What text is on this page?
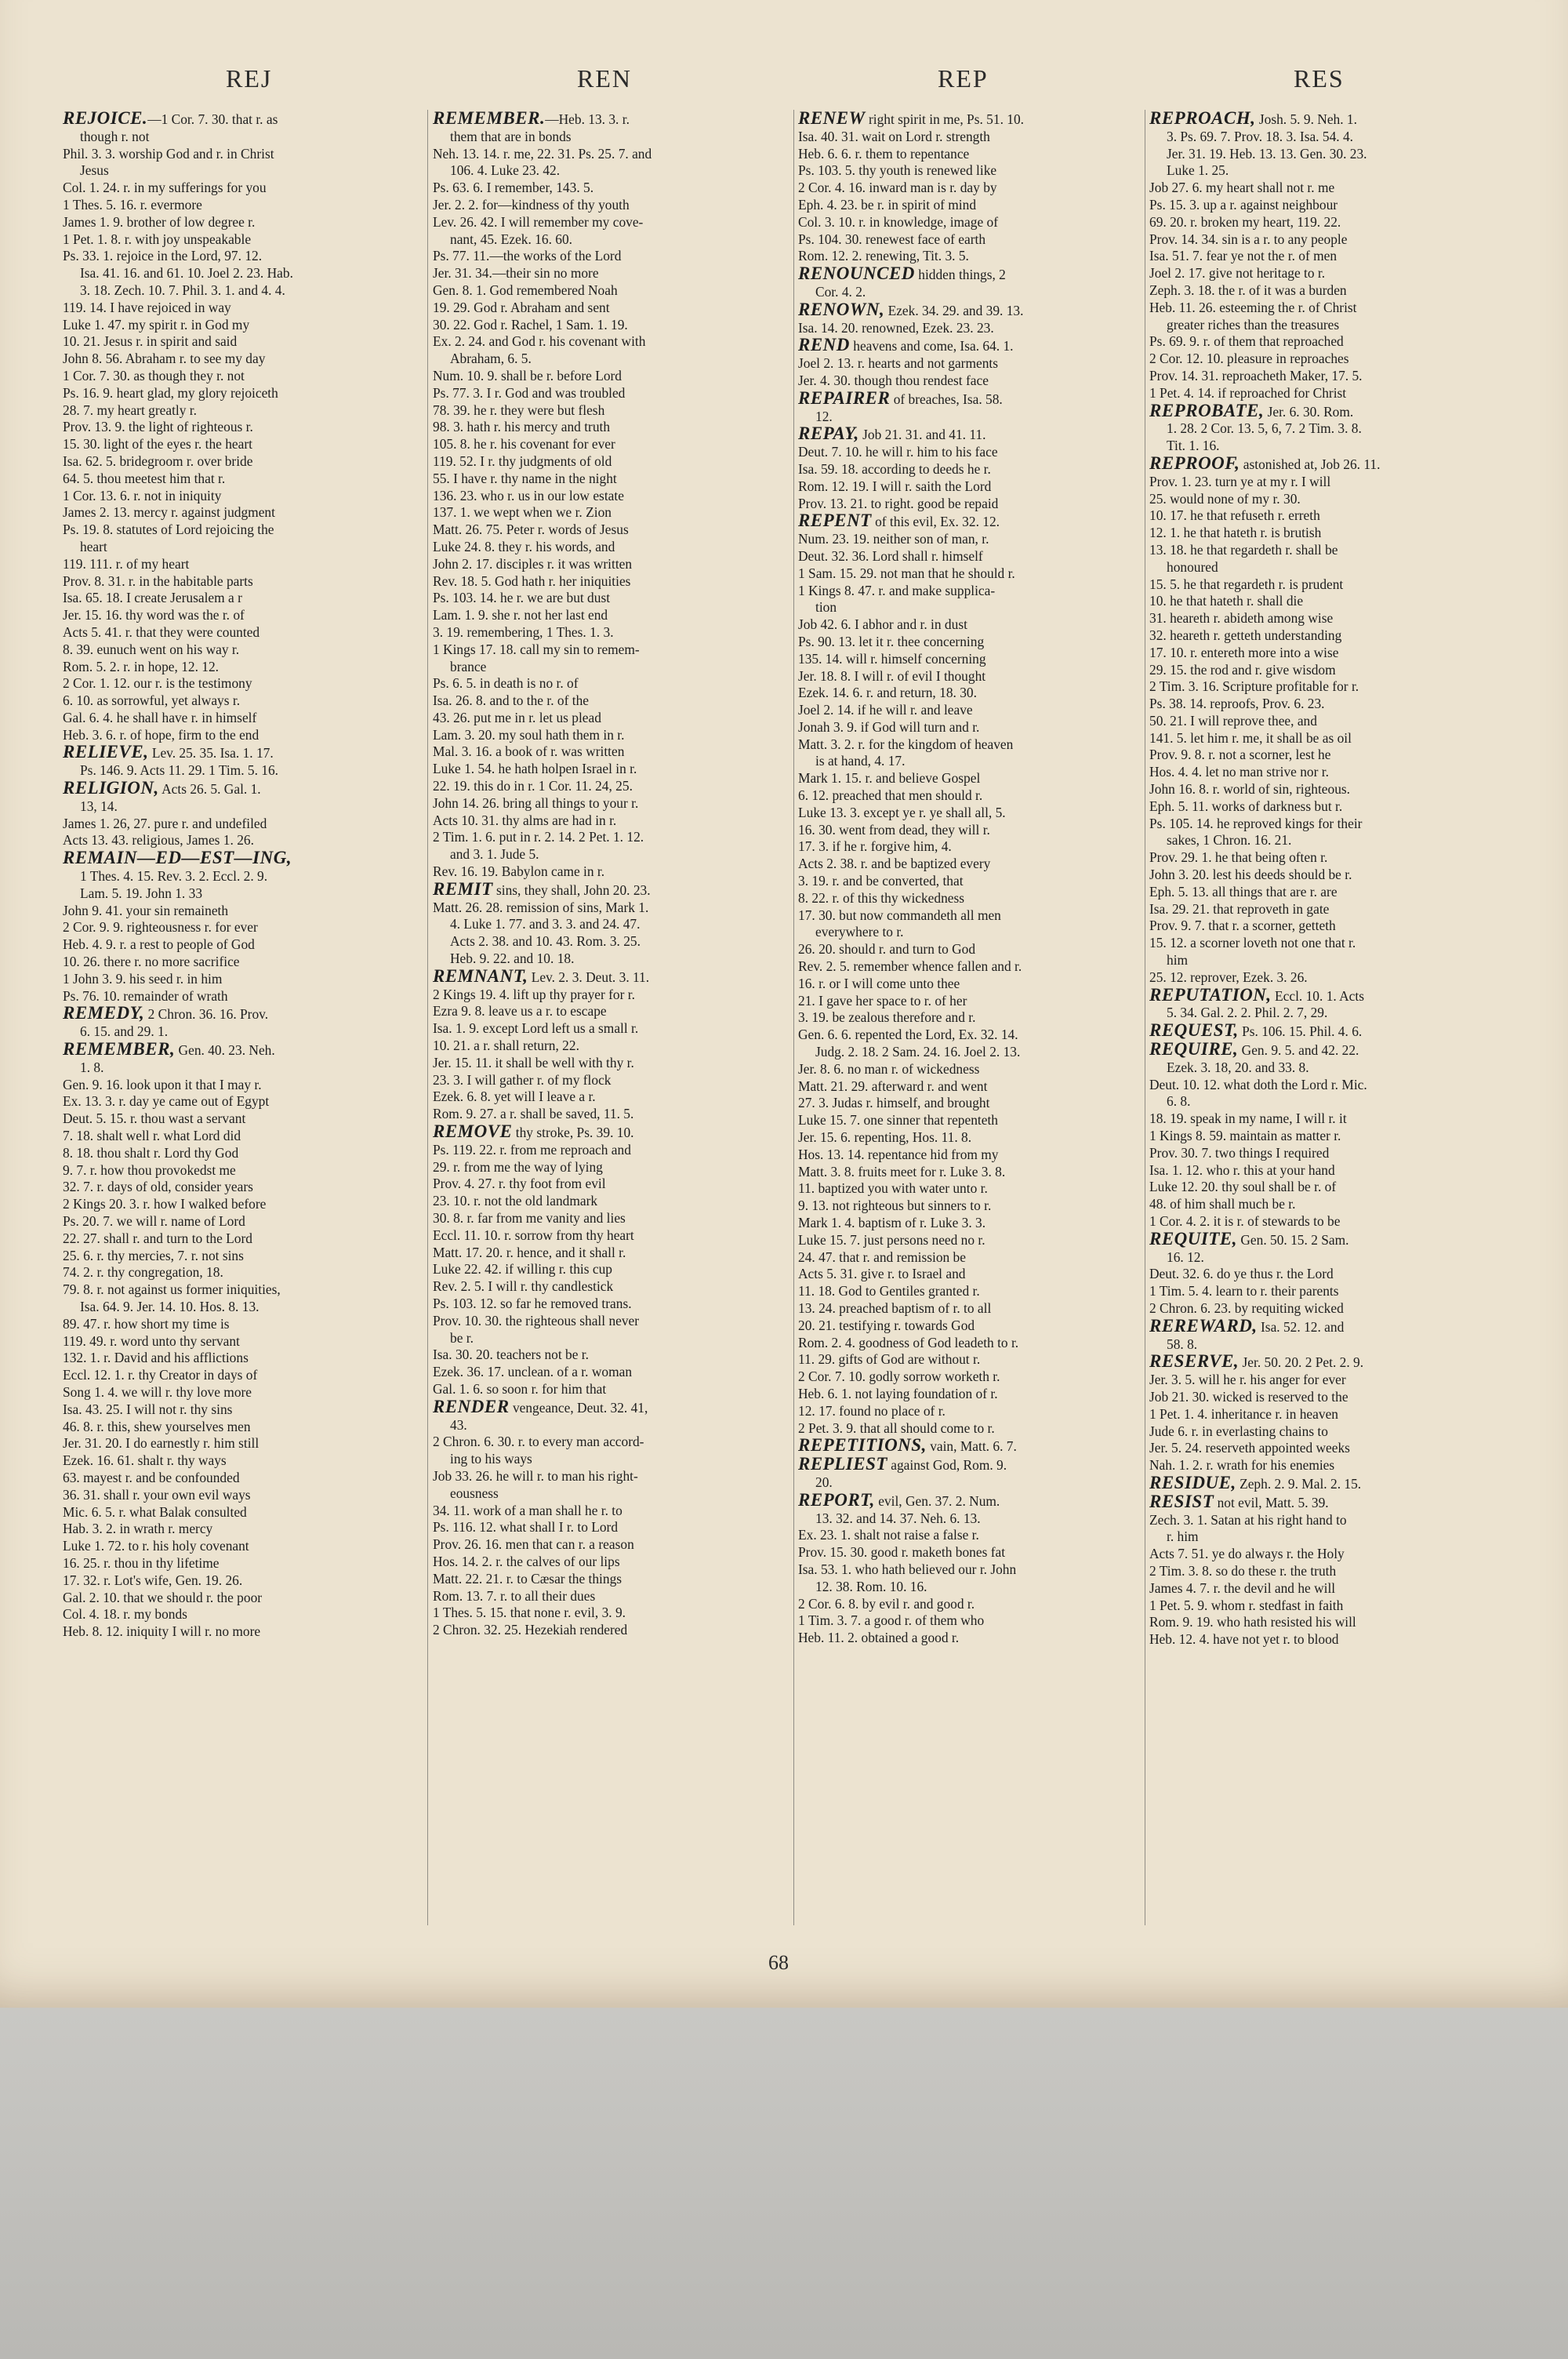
REJ	REN	REP	RES
REJOICE.—1 Cor. 7. 30. that r. as
though r. not
Phil. 3. 3. worship God and r. in Christ
Jesus
Col. 1. 24. r. in my sufferings for you
1 Thes. 5. 16. r. evermore
James 1. 9. brother of low degree r.
1 Pet. 1. 8. r. with joy unspeakable
Ps. 33. 1. rejoice in the Lord, 97. 12.
Isa. 41. 16. and 61. 10. Joel 2. 23. Hab.
3. 18. Zech. 10. 7. Phil. 3. 1. and 4. 4.
119. 14. I have rejoiced in way
Luke 1. 47. my spirit r. in God my
10. 21. Jesus r. in spirit and said
John 8. 56. Abraham r. to see my day
1 Cor. 7. 30. as though they r. not
Ps. 16. 9. heart glad, my glory rejoiceth
28. 7. my heart greatly r.
Prov. 13. 9. the light of righteous r.
15. 30. light of the eyes r. the heart
Isa. 62. 5. bridegroom r. over bride
64. 5. thou meetest him that r.
1 Cor. 13. 6. r. not in iniquity
James 2. 13. mercy r. against judgment
Ps. 19. 8. statutes of Lord rejoicing the
heart
119. 111. r. of my heart
Prov. 8. 31. r. in the habitable parts
Isa. 65. 18. I create Jerusalem a r
Jer. 15. 16. thy word was the r. of
Acts 5. 41. r. that they were counted
8. 39. eunuch went on his way r.
Rom. 5. 2. r. in hope, 12. 12.
2 Cor. 1. 12. our r. is the testimony
6. 10. as sorrowful, yet always r.
Gal. 6. 4. he shall have r. in himself
Heb. 3. 6. r. of hope, firm to the end
RELIEVE, Lev. 25. 35. Isa. 1. 17.
Ps. 146. 9. Acts 11. 29. 1 Tim. 5. 16.
RELIGION, Acts 26. 5. Gal. 1.
13, 14.
James 1. 26, 27. pure r. and undefiled
Acts 13. 43. religious, James 1. 26.
REMAIN—ED—EST—ING,
1 Thes. 4. 15. Rev. 3. 2. Eccl. 2. 9.
Lam. 5. 19. John 1. 33
John 9. 41. your sin remaineth
2 Cor. 9. 9. righteousness r. for ever
Heb. 4. 9. r. a rest to people of God
10. 26. there r. no more sacrifice
1 John 3. 9. his seed r. in him
Ps. 76. 10. remainder of wrath
REMEDY, 2 Chron. 36. 16. Prov.
6. 15. and 29. 1.
REMEMBER, Gen. 40. 23. Neh.
1. 8.
Gen. 9. 16. look upon it that I may r.
Ex. 13. 3. r. day ye came out of Egypt
Deut. 5. 15. r. thou wast a servant
7. 18. shalt well r. what Lord did
8. 18. thou shalt r. Lord thy God
9. 7. r. how thou provokedst me
32. 7. r. days of old, consider years
2 Kings 20. 3. r. how I walked before
Ps. 20. 7. we will r. name of Lord
22. 27. shall r. and turn to the Lord
25. 6. r. thy mercies, 7. r. not sins
74. 2. r. thy congregation, 18.
79. 8. r. not against us former iniquities,
Isa. 64. 9. Jer. 14. 10. Hos. 8. 13.
89. 47. r. how short my time is
119. 49. r. word unto thy servant
132. 1. r. David and his afflictions
Eccl. 12. 1. r. thy Creator in days of
Song 1. 4. we will r. thy love more
Isa. 43. 25. I will not r. thy sins
46. 8. r. this, shew yourselves men
Jer. 31. 20. I do earnestly r. him still
Ezek. 16. 61. shalt r. thy ways
63. mayest r. and be confounded
36. 31. shall r. your own evil ways
Mic. 6. 5. r. what Balak consulted
Hab. 3. 2. in wrath r. mercy
Luke 1. 72. to r. his holy covenant
16. 25. r. thou in thy lifetime
17. 32. r. Lot's wife, Gen. 19. 26.
Gal. 2. 10. that we should r. the poor
Col. 4. 18. r. my bonds
Heb. 8. 12. iniquity I will r. no more
REMEMBER.—Heb. 13. 3. r.
them that are in bonds
Neh. 13. 14. r. me, 22. 31. Ps. 25. 7. and
106. 4. Luke 23. 42.
Ps. 63. 6. I remember, 143. 5.
Jer. 2. 2. for—kindness of thy youth
Lev. 26. 42. I will remember my cove-
nant, 45. Ezek. 16. 60.
Ps. 77. 11.—the works of the Lord
Jer. 31. 34.—their sin no more
Gen. 8. 1. God remembered Noah
19. 29. God r. Abraham and sent
30. 22. God r. Rachel, 1 Sam. 1. 19.
Ex. 2. 24. and God r. his covenant with
Abraham, 6. 5.
Num. 10. 9. shall be r. before Lord
Ps. 77. 3. I r. God and was troubled
78. 39. he r. they were but flesh
98. 3. hath r. his mercy and truth
105. 8. he r. his covenant for ever
119. 52. I r. thy judgments of old
55. I have r. thy name in the night
136. 23. who r. us in our low estate
137. 1. we wept when we r. Zion
Matt. 26. 75. Peter r. words of Jesus
Luke 24. 8. they r. his words, and
John 2. 17. disciples r. it was written
Rev. 18. 5. God hath r. her iniquities
Ps. 103. 14. he r. we are but dust
Lam. 1. 9. she r. not her last end
3. 19. remembering, 1 Thes. 1. 3.
1 Kings 17. 18. call my sin to remem-
brance
Ps. 6. 5. in death is no r. of
Isa. 26. 8. and to the r. of the
43. 26. put me in r. let us plead
Lam. 3. 20. my soul hath them in r.
Mal. 3. 16. a book of r. was written
Luke 1. 54. he hath holpen Israel in r.
22. 19. this do in r. 1 Cor. 11. 24, 25.
John 14. 26. bring all things to your r.
Acts 10. 31. thy alms are had in r.
2 Tim. 1. 6. put in r. 2. 14. 2 Pet. 1. 12.
and 3. 1. Jude 5.
Rev. 16. 19. Babylon came in r.
REMIT sins, they shall, John 20. 23.
Matt. 26. 28. remission of sins, Mark 1.
4. Luke 1. 77. and 3. 3. and 24. 47.
Acts 2. 38. and 10. 43. Rom. 3. 25.
Heb. 9. 22. and 10. 18.
REMNANT, Lev. 2. 3. Deut. 3. 11.
2 Kings 19. 4. lift up thy prayer for r.
Ezra 9. 8. leave us a r. to escape
Isa. 1. 9. except Lord left us a small r.
10. 21. a r. shall return, 22.
Jer. 15. 11. it shall be well with thy r.
23. 3. I will gather r. of my flock
Ezek. 6. 8. yet will I leave a r.
Rom. 9. 27. a r. shall be saved, 11. 5.
REMOVE thy stroke, Ps. 39. 10.
Ps. 119. 22. r. from me reproach and
29. r. from me the way of lying
Prov. 4. 27. r. thy foot from evil
23. 10. r. not the old landmark
30. 8. r. far from me vanity and lies
Eccl. 11. 10. r. sorrow from thy heart
Matt. 17. 20. r. hence, and it shall r.
Luke 22. 42. if willing r. this cup
Rev. 2. 5. I will r. thy candlestick
Ps. 103. 12. so far he removed trans.
Prov. 10. 30. the righteous shall never
be r.
Isa. 30. 20. teachers not be r.
Ezek. 36. 17. unclean. of a r. woman
Gal. 1. 6. so soon r. for him that
RENDER vengeance, Deut. 32. 41,
43.
2 Chron. 6. 30. r. to every man accord-
ing to his ways
Job 33. 26. he will r. to man his right-
eousness
34. 11. work of a man shall he r. to
Ps. 116. 12. what shall I r. to Lord
Prov. 26. 16. men that can r. a reason
Hos. 14. 2. r. the calves of our lips
Matt. 22. 21. r. to Cæsar the things
Rom. 13. 7. r. to all their dues
1 Thes. 5. 15. that none r. evil, 3. 9.
2 Chron. 32. 25. Hezekiah rendered
RENEW right spirit in me, Ps. 51. 10.
Isa. 40. 31. wait on Lord r. strength
Heb. 6. 6. r. them to repentance
Ps. 103. 5. thy youth is renewed like
2 Cor. 4. 16. inward man is r. day by
Eph. 4. 23. be r. in spirit of mind
Col. 3. 10. r. in knowledge, image of
Ps. 104. 30. renewest face of earth
Rom. 12. 2. renewing, Tit. 3. 5.
RENOUNCED hidden things, 2
Cor. 4. 2.
RENOWN, Ezek. 34. 29. and 39. 13.
Isa. 14. 20. renowned, Ezek. 23. 23.
REND heavens and come, Isa. 64. 1.
Joel 2. 13. r. hearts and not garments
Jer. 4. 30. though thou rendest face
REPAIRER of breaches, Isa. 58.
12.
REPAY, Job 21. 31. and 41. 11.
Deut. 7. 10. he will r. him to his face
Isa. 59. 18. according to deeds he r.
Rom. 12. 19. I will r. saith the Lord
Prov. 13. 21. to right. good be repaid
REPENT of this evil, Ex. 32. 12.
Num. 23. 19. neither son of man, r.
Deut. 32. 36. Lord shall r. himself
1 Sam. 15. 29. not man that he should r.
1 Kings 8. 47. r. and make supplica-
tion
Job 42. 6. I abhor and r. in dust
Ps. 90. 13. let it r. thee concerning
135. 14. will r. himself concerning
Jer. 18. 8. I will r. of evil I thought
Ezek. 14. 6. r. and return, 18. 30.
Joel 2. 14. if he will r. and leave
Jonah 3. 9. if God will turn and r.
Matt. 3. 2. r. for the kingdom of heaven
is at hand, 4. 17.
Mark 1. 15. r. and believe Gospel
6. 12. preached that men should r.
Luke 13. 3. except ye r. ye shall all, 5.
16. 30. went from dead, they will r.
17. 3. if he r. forgive him, 4.
Acts 2. 38. r. and be baptized every
3. 19. r. and be converted, that
8. 22. r. of this thy wickedness
17. 30. but now commandeth all men
everywhere to r.
26. 20. should r. and turn to God
Rev. 2. 5. remember whence fallen and r.
16. r. or I will come unto thee
21. I gave her space to r. of her
3. 19. be zealous therefore and r.
Gen. 6. 6. repented the Lord, Ex. 32. 14.
Judg. 2. 18. 2 Sam. 24. 16. Joel 2. 13.
Jer. 8. 6. no man r. of wickedness
Matt. 21. 29. afterward r. and went
27. 3. Judas r. himself, and brought
Luke 15. 7. one sinner that repenteth
Jer. 15. 6. repenting, Hos. 11. 8.
Hos. 13. 14. repentance hid from my
Matt. 3. 8. fruits meet for r. Luke 3. 8.
11. baptized you with water unto r.
9. 13. not righteous but sinners to r.
Mark 1. 4. baptism of r. Luke 3. 3.
Luke 15. 7. just persons need no r.
24. 47. that r. and remission be
Acts 5. 31. give r. to Israel and
11. 18. God to Gentiles granted r.
13. 24. preached baptism of r. to all
20. 21. testifying r. towards God
Rom. 2. 4. goodness of God leadeth to r.
11. 29. gifts of God are without r.
2 Cor. 7. 10. godly sorrow worketh r.
Heb. 6. 1. not laying foundation of r.
12. 17. found no place of r.
2 Pet. 3. 9. that all should come to r.
REPETITIONS, vain, Matt. 6. 7.
REPLIEST against God, Rom. 9.
20.
REPORT, evil, Gen. 37. 2. Num.
13. 32. and 14. 37. Neh. 6. 13.
Ex. 23. 1. shalt not raise a false r.
Prov. 15. 30. good r. maketh bones fat
Isa. 53. 1. who hath believed our r. John
12. 38. Rom. 10. 16.
2 Cor. 6. 8. by evil r. and good r.
1 Tim. 3. 7. a good r. of them who
Heb. 11. 2. obtained a good r.
REPROACH, Josh. 5. 9. Neh. 1.
3. Ps. 69. 7. Prov. 18. 3. Isa. 54. 4.
Jer. 31. 19. Heb. 13. 13. Gen. 30. 23.
Luke 1. 25.
Job 27. 6. my heart shall not r. me
Ps. 15. 3. up a r. against neighbour
69. 20. r. broken my heart, 119. 22.
Prov. 14. 34. sin is a r. to any people
Isa. 51. 7. fear ye not the r. of men
Joel 2. 17. give not heritage to r.
Zeph. 3. 18. the r. of it was a burden
Heb. 11. 26. esteeming the r. of Christ
greater riches than the treasures
Ps. 69. 9. r. of them that reproached
2 Cor. 12. 10. pleasure in reproaches
Prov. 14. 31. reproacheth Maker, 17. 5.
1 Pet. 4. 14. if reproached for Christ
REPROBATE, Jer. 6. 30. Rom.
1. 28. 2 Cor. 13. 5, 6, 7. 2 Tim. 3. 8.
Tit. 1. 16.
REPROOF, astonished at, Job 26. 11.
Prov. 1. 23. turn ye at my r. I will
25. would none of my r. 30.
10. 17. he that refuseth r. erreth
12. 1. he that hateth r. is brutish
13. 18. he that regardeth r. shall be
honoured
15. 5. he that regardeth r. is prudent
10. he that hateth r. shall die
31. heareth r. abideth among wise
32. heareth r. getteth understanding
17. 10. r. entereth more into a wise
29. 15. the rod and r. give wisdom
2 Tim. 3. 16. Scripture profitable for r.
Ps. 38. 14. reproofs, Prov. 6. 23.
50. 21. I will reprove thee, and
141. 5. let him r. me, it shall be as oil
Prov. 9. 8. r. not a scorner, lest he
Hos. 4. 4. let no man strive nor r.
John 16. 8. r. world of sin, righteous.
Eph. 5. 11. works of darkness but r.
Ps. 105. 14. he reproved kings for their
sakes, 1 Chron. 16. 21.
Prov. 29. 1. he that being often r.
John 3. 20. lest his deeds should be r.
Eph. 5. 13. all things that are r. are
Isa. 29. 21. that reproveth in gate
Prov. 9. 7. that r. a scorner, getteth
15. 12. a scorner loveth not one that r.
him
25. 12. reprover, Ezek. 3. 26.
REPUTATION, Eccl. 10. 1. Acts
5. 34. Gal. 2. 2. Phil. 2. 7, 29.
REQUEST, Ps. 106. 15. Phil. 4. 6.
REQUIRE, Gen. 9. 5. and 42. 22.
Ezek. 3. 18, 20. and 33. 8.
Deut. 10. 12. what doth the Lord r. Mic.
6. 8.
18. 19. speak in my name, I will r. it
1 Kings 8. 59. maintain as matter r.
Prov. 30. 7. two things I required
Isa. 1. 12. who r. this at your hand
Luke 12. 20. thy soul shall be r. of
48. of him shall much be r.
1 Cor. 4. 2. it is r. of stewards to be
REQUITE, Gen. 50. 15. 2 Sam.
16. 12.
Deut. 32. 6. do ye thus r. the Lord
1 Tim. 5. 4. learn to r. their parents
2 Chron. 6. 23. by requiting wicked
REREWARD, Isa. 52. 12. and
58. 8.
RESERVE, Jer. 50. 20. 2 Pet. 2. 9.
Jer. 3. 5. will he r. his anger for ever
Job 21. 30. wicked is reserved to the
1 Pet. 1. 4. inheritance r. in heaven
Jude 6. r. in everlasting chains to
Jer. 5. 24. reserveth appointed weeks
Nah. 1. 2. r. wrath for his enemies
RESIDUE, Zeph. 2. 9. Mal. 2. 15.
RESIST not evil, Matt. 5. 39.
Zech. 3. 1. Satan at his right hand to
r. him
Acts 7. 51. ye do always r. the Holy
2 Tim. 3. 8. so do these r. the truth
James 4. 7. r. the devil and he will
1 Pet. 5. 9. whom r. stedfast in faith
Rom. 9. 19. who hath resisted his will
Heb. 12. 4. have not yet r. to blood
68
